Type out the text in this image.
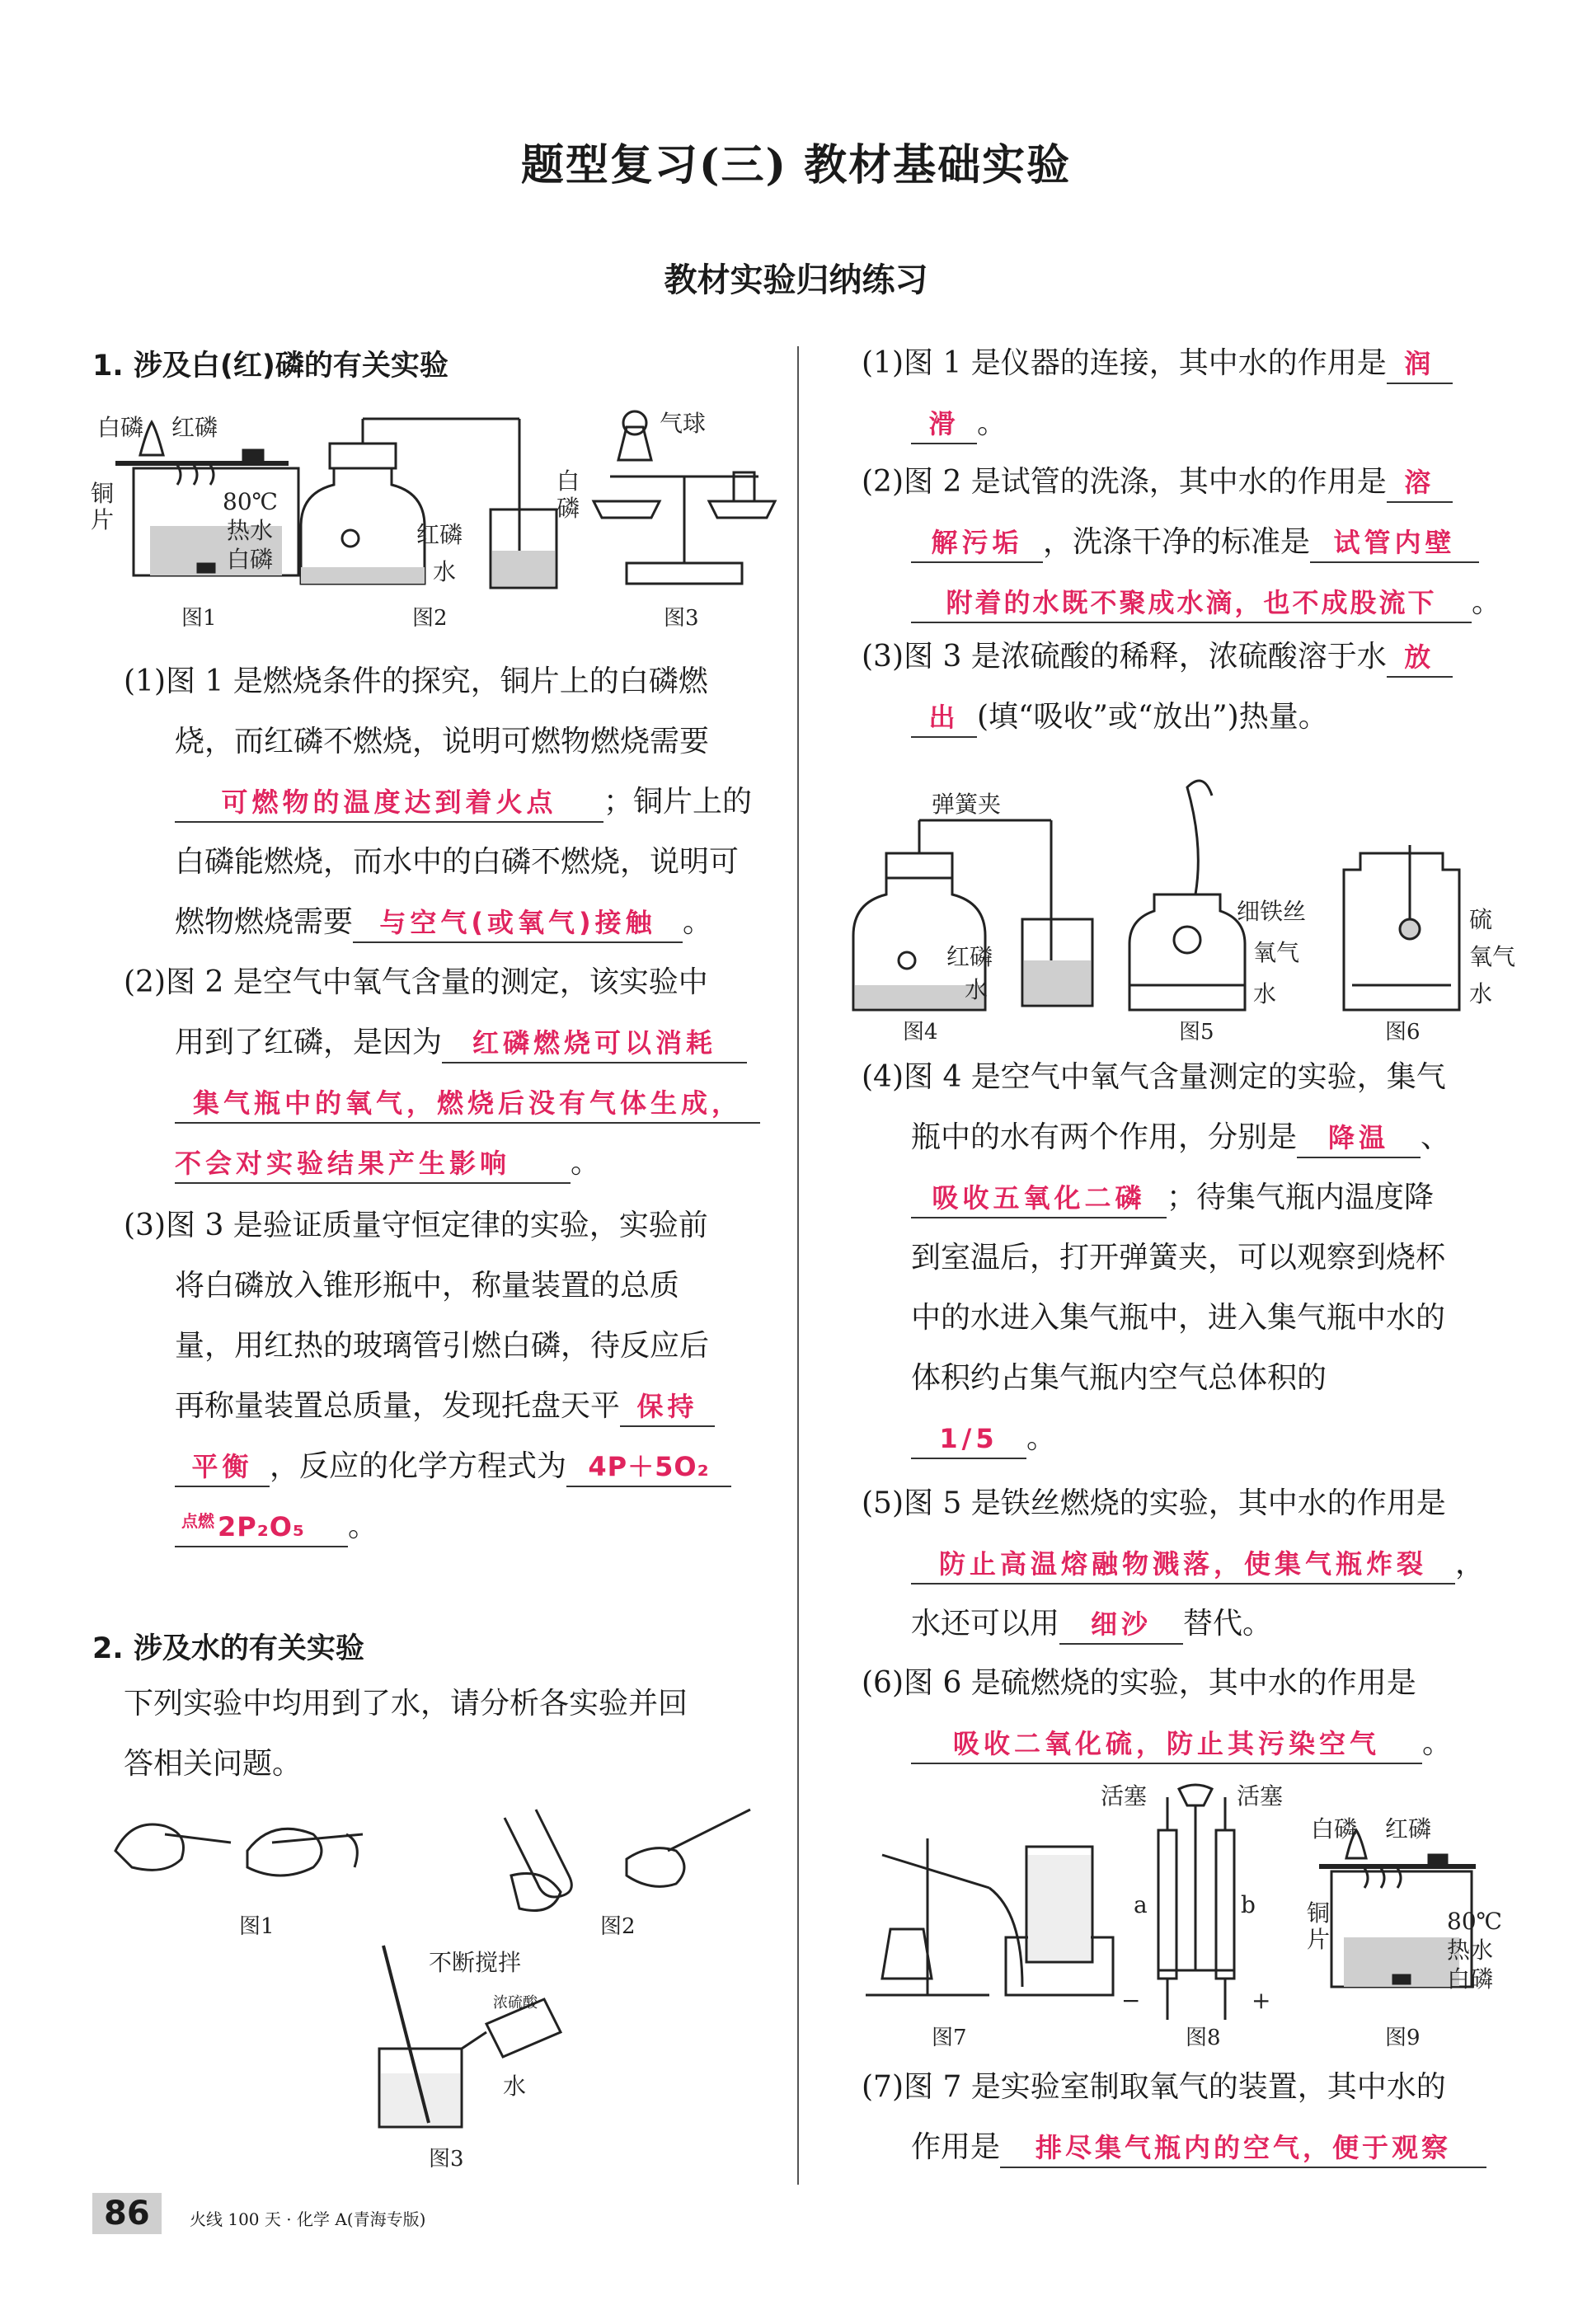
题型复习(三) 教材基础实验
教材实验归纳练习
1. 涉及白(红)磷的有关实验
白磷 红磷
铜
片
80℃
热水
白磷
图1
红磷
水
图2
气球
白
磷
图3
(1)图 1 是燃烧条件的探究，铜片上的白磷燃
烧，而红磷不燃烧，说明可燃物燃烧需要
可燃物的温度达到着火点 ；铜片上的
白磷能燃烧，而水中的白磷不燃烧，说明可
燃物燃烧需要 与空气(或氧气)接触 。
(2)图 2 是空气中氧气含量的测定，该实验中
用到了红磷，是因为 红磷燃烧可以消耗
集气瓶中的氧气，燃烧后没有气体生成，
不会对实验结果产生影响 。
(3)图 3 是验证质量守恒定律的实验，实验前
将白磷放入锥形瓶中，称量装置的总质
量，用红热的玻璃管引燃白磷，待反应后
再称量装置总质量，发现托盘天平 保持
平衡 ，反应的化学方程式为 4P＋5O₂
点燃 2P₂O₅ 。
2. 涉及水的有关实验
下列实验中均用到了水，请分析各实验并回
答相关问题。
图1	图2
不断搅拌
浓硫酸
水
图3
(1)图 1 是仪器的连接，其中水的作用是 润
滑 。
(2)图 2 是试管的洗涤，其中水的作用是 溶
解污垢 ，洗涤干净的标准是 试管内壁
附着的水既不聚成水滴，也不成股流下 。
(3)图 3 是浓硫酸的稀释，浓硫酸溶于水 放
出 (填“吸收”或“放出”)热量。
弹簧夹
红磷
水
图4
细铁丝
氧气
水
图5
硫
氧气
水
图6
(4)图 4 是空气中氧气含量测定的实验，集气
瓶中的水有两个作用，分别是 降温 、
吸收五氧化二磷 ；待集气瓶内温度降
到室温后，打开弹簧夹，可以观察到烧杯
中的水进入集气瓶中，进入集气瓶中水的
体积约占集气瓶内空气总体积的
1/5 。
(5)图 5 是铁丝燃烧的实验，其中水的作用是
防止高温熔融物溅落，使集气瓶炸裂 ，
水还可以用 细沙 替代。
(6)图 6 是硫燃烧的实验，其中水的作用是
吸收二氧化硫，防止其污染空气 。
图7
活塞	活塞
a	b
−	+
图8
白磷 红磷
铜
片
80℃
热水
白磷
图9
(7)图 7 是实验室制取氧气的装置，其中水的
作用是 排尽集气瓶内的空气，便于观察
86	火线 100 天 · 化学 A(青海专版)
